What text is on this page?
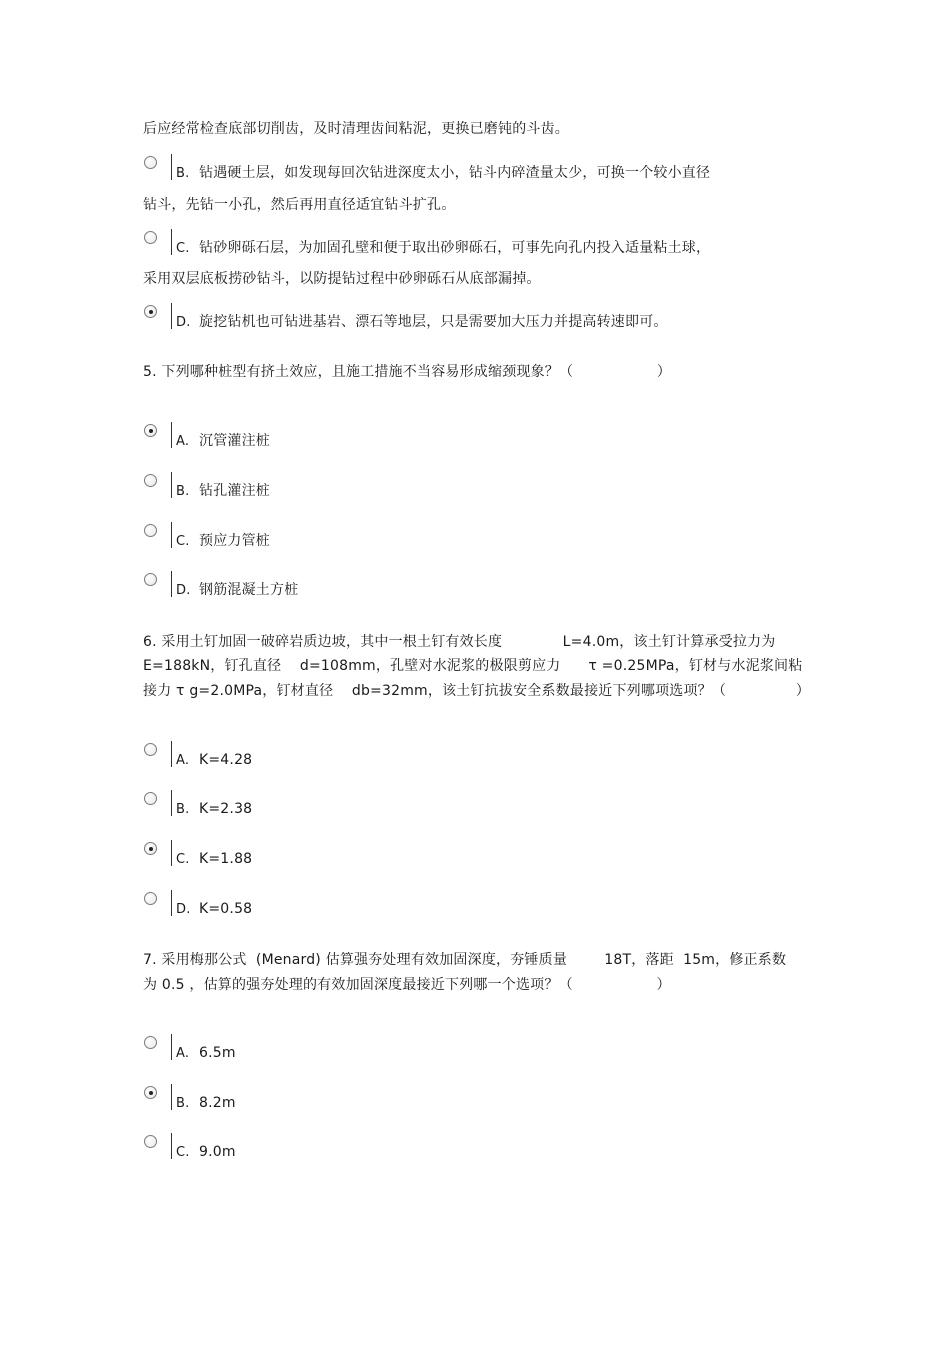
后应经常检查底部切削齿，及时清理齿间粘泥，更换已磨钝的斗齿。
B. 钻遇硬土层，如发现每回次钻进深度太小，钻斗内碎渣量太少，可换一个较小直径
钻斗，先钻一小孔，然后再用直径适宜钻斗扩孔。
C. 钻砂卵砾石层，为加固孔壁和便于取出砂卵砾石，可事先向孔内投入适量粘土球，
采用双层底板捞砂钻斗，以防提钻过程中砂卵砾石从底部漏掉。
D. 旋挖钻机也可钻进基岩、漂石等地层，只是需要加大压力并提高转速即可。
5. 下列哪种桩型有挤土效应，且施工措施不当容易形成缩颈现象？（                  ）
A. 沉管灌注桩
B. 钻孔灌注桩
C. 预应力管桩
D. 钢筋混凝土方桩
6. 采用土钉加固一破碎岩质边坡，其中一根土钉有效长度             L=4.0m，该土钉计算承受拉力为
E=188kN，钉孔直径    d=108mm，孔壁对水泥浆的极限剪应力      τ =0.25MPa，钉材与水泥浆间粘
接力 τ g=2.0MPa，钉材直径    db=32mm，该土钉抗拔安全系数最接近下列哪项选项？（               ）
A. K=4.28
B. K=2.38
C. K=1.88
D. K=0.58
7. 采用梅那公式  (Menard) 估算强夯处理有效加固深度，夯锤质量        18T，落距  15m，修正系数
为 0.5 ，估算的强夯处理的有效加固深度最接近下列哪一个选项？（                  ）
A. 6.5m
B. 8.2m
C. 9.0m
